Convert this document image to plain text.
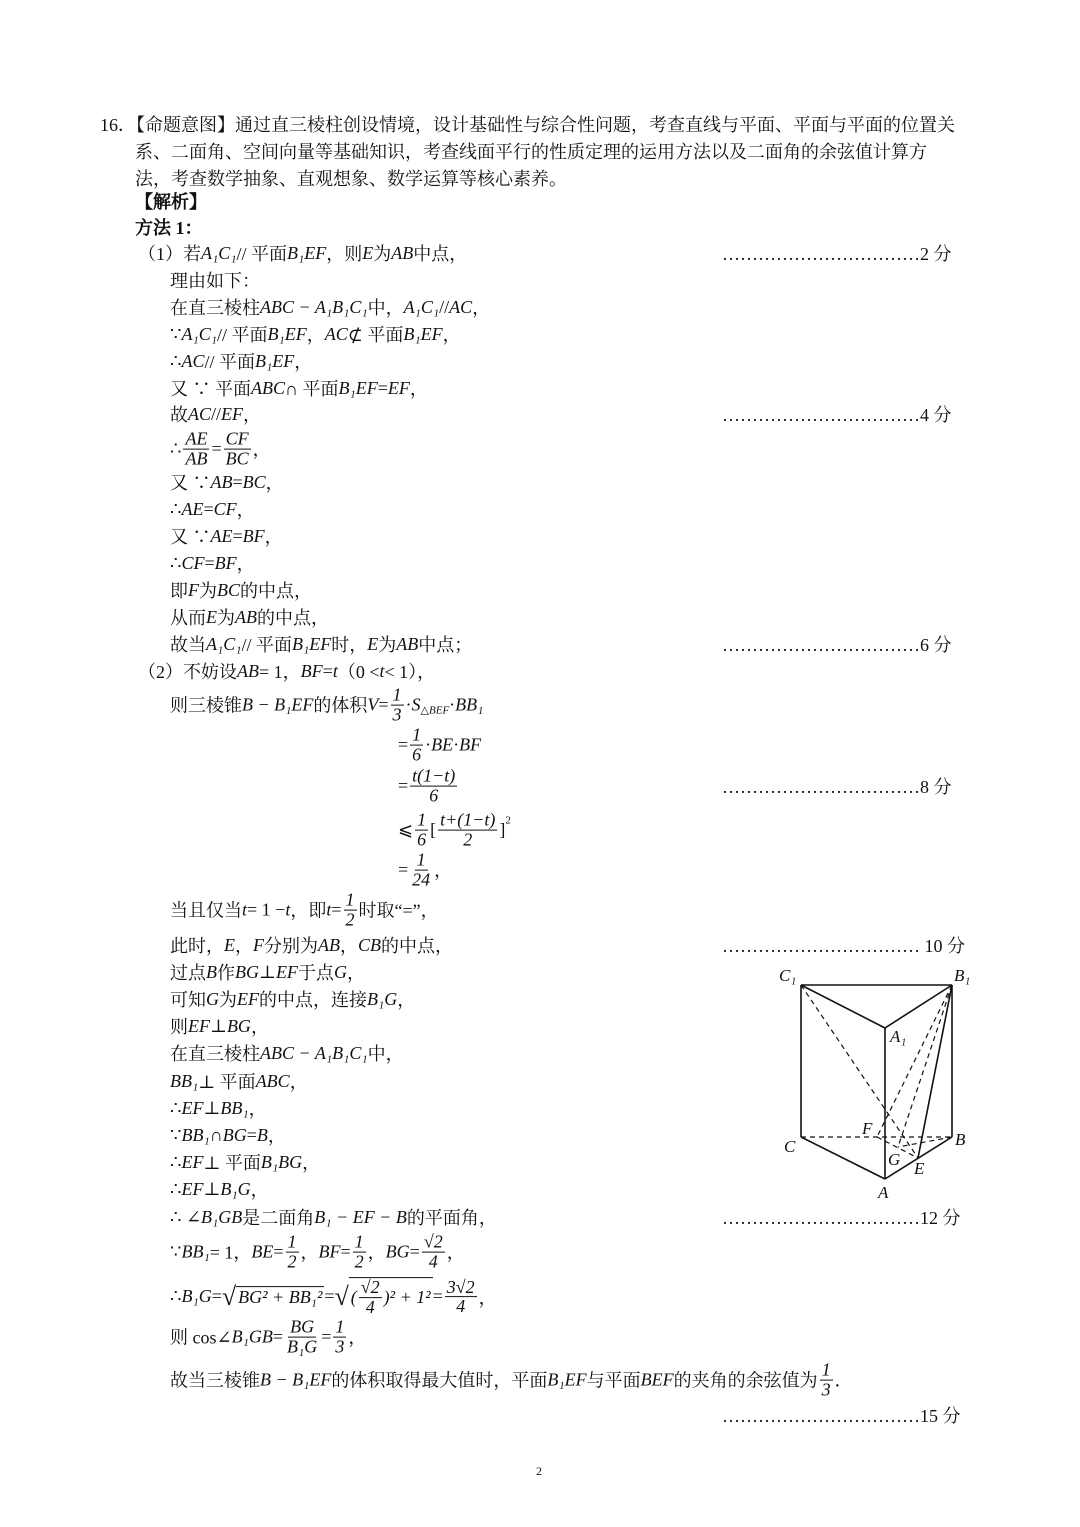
16．【命题意图】通过直三棱柱创设情境，设计基础性与综合性问题，考查直线与平面、平面与平面的位置关
系、二面角、空间向量等基础知识，考查线面平行的性质定理的运用方法以及二面角的余弦值计算方
法，考查数学抽象、直观想象、数学运算等核心素养。
【解析】
方法 1：
（1）若 A₁C₁ // 平面 B₁EF ，则 E 为 AB 中点，
理由如下：
在直三棱柱 ABC − A₁B₁C₁ 中， A₁C₁ // AC ，
∵ A₁C₁ // 平面 B₁EF ， AC ⊄ 平面 B₁EF ，
∴ AC // 平面 B₁EF ，
又 ∵ 平面 ABC ∩ 平面 B₁EF = EF ，
故 AC // EF ，
∴ $\frac{AE}{AB} = \frac{CF}{BC}$ ，
又 ∵ AB = BC ，
∴ AE = CF ，
又 ∵ AE = BF ，
∴ CF = BF ，
即 F 为 BC 的中点，
从而 E 为 AB 的中点，
故当 A₁C₁ // 平面 B₁EF 时， E 为 AB 中点；
（2）不妨设 AB = 1， BF = t （0 < t < 1），
则三棱锥 B − B₁EF 的体积 $V = \frac{1}{3} \cdot S$ △BEF · BB₁
= $\frac{1}{6}$ · BE · BF
= $\frac{t(1-t)}{6}$
⩽ $\frac{1}{6}$ [ $\frac{t+(1-t)}{2}$ ] 2
= $\frac{1}{24}$ ，
当且仅当 t = 1 − t ，即 $t = \frac{1}{2}$ 时取“=”，
此时， E ， F 分别为 AB ， CB 的中点，
过点 B 作 BG ⊥ EF 于点 G ，
可知 G 为 EF 的中点，连接 B₁G ，
则 EF ⊥ BG ，
在直三棱柱 ABC − A₁B₁C₁ 中，
BB₁ ⊥ 平面 ABC ，
∴ EF ⊥ BB₁ ，
∵ BB₁ ∩ BG = B ，
∴ EF ⊥ 平面 B₁BG ，
∴ EF ⊥ B₁G ，
∴ ∠ B₁GB 是二面角 B₁ − EF − B 的平面角，
∵ BB₁ = 1， BE = $\frac{1}{2}$ ， BF = $\frac{1}{2}$ ， BG = $\frac{√2}{4}$ ，
∴ B₁G = √ BG² + BB₁² = √ ( $\frac{√2}{4} )^2 + 1^2 = \frac{3√2}{4}$ ，
则 cos∠ $B_1GB = \frac{BG}{\text{B₁G}} = \frac{1}{3}$ ，
故当三棱锥 B − B₁EF 的体积取得最大值时，平面 B₁EF 与平面 BEF 的夹角的余弦值为 $\frac{1}{3}$ ．
……………………………2 分
……………………………4 分
……………………………6 分
……………………………8 分
…………………………… 10 分
……………………………12 分
……………………………15 分
C₁	B₁
A₁
C	B
A
F
G E
2
